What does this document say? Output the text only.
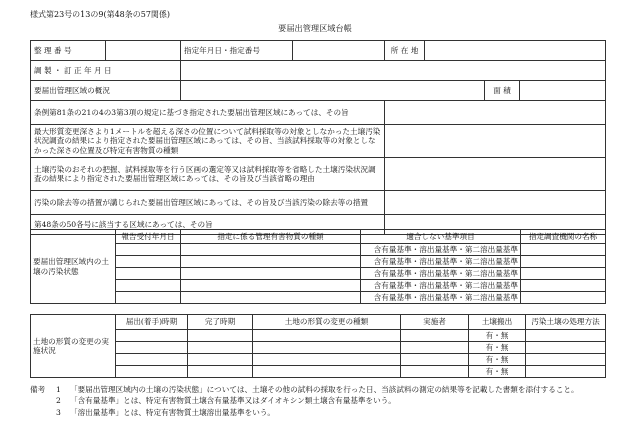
様式第23号の13の9(第48条の57関係)
要届出管理区域台帳
整 理 番 号		指定年月日・指定番号		所 在 地			
調 製 ・ 訂 正 年 月 日							
要届出管理区域の概況						面 積	
条例第81条の21の4の3第3項の規定に基づき指定された要届出管理区域にあっては、その旨							
最大形質変更深さより1メートルを超える深さの位置について試料採取等の対象としなかった土壌汚染状況調査の結果により指定された要届出管理区域にあっては、その旨、当該試料採取等の対象としなかった深さの位置及び特定有害物質の種類							
土壌汚染のおそれの把握、試料採取等を行う区画の選定等又は試料採取等を省略した土壌汚染状況調査の結果により指定された要届出管理区域にあっては、その旨及び当該省略の理由							
汚染の除去等の措置が講じられた要届出管理区域にあっては、その旨及び当該汚染の除去等の措置							
第48条の50各号に該当する区域にあっては、その旨							
要届出管理区域内の土壌の汚染状態	報告受付年月日	指定に係る管理有害物質の種類	適合しない基準項目	指定調査機関の名称
			含有量基準・溶出量基準・第二溶出量基準	
			含有量基準・溶出量基準・第二溶出量基準	
			含有量基準・溶出量基準・第二溶出量基準	
			含有量基準・溶出量基準・第二溶出量基準	
			含有量基準・溶出量基準・第二溶出量基準	
土地の形質の変更の実施状況	届出(着手)時期	完了時期	土地の形質の変更の種類	実施者	土壌搬出	汚染土壌の処理方法
					有・無	
					有・無	
					有・無	
					有・無	
備考	1	「要届出管理区域内の土壌の汚染状態」については、土壌その他の試料の採取を行った日、当該試料の測定の結果等を記載した書類を添付すること。
2	「含有量基準」とは、特定有害物質土壌含有量基準又はダイオキシン類土壌含有量基準をいう。
3	「溶出量基準」とは、特定有害物質土壌溶出量基準をいう。
